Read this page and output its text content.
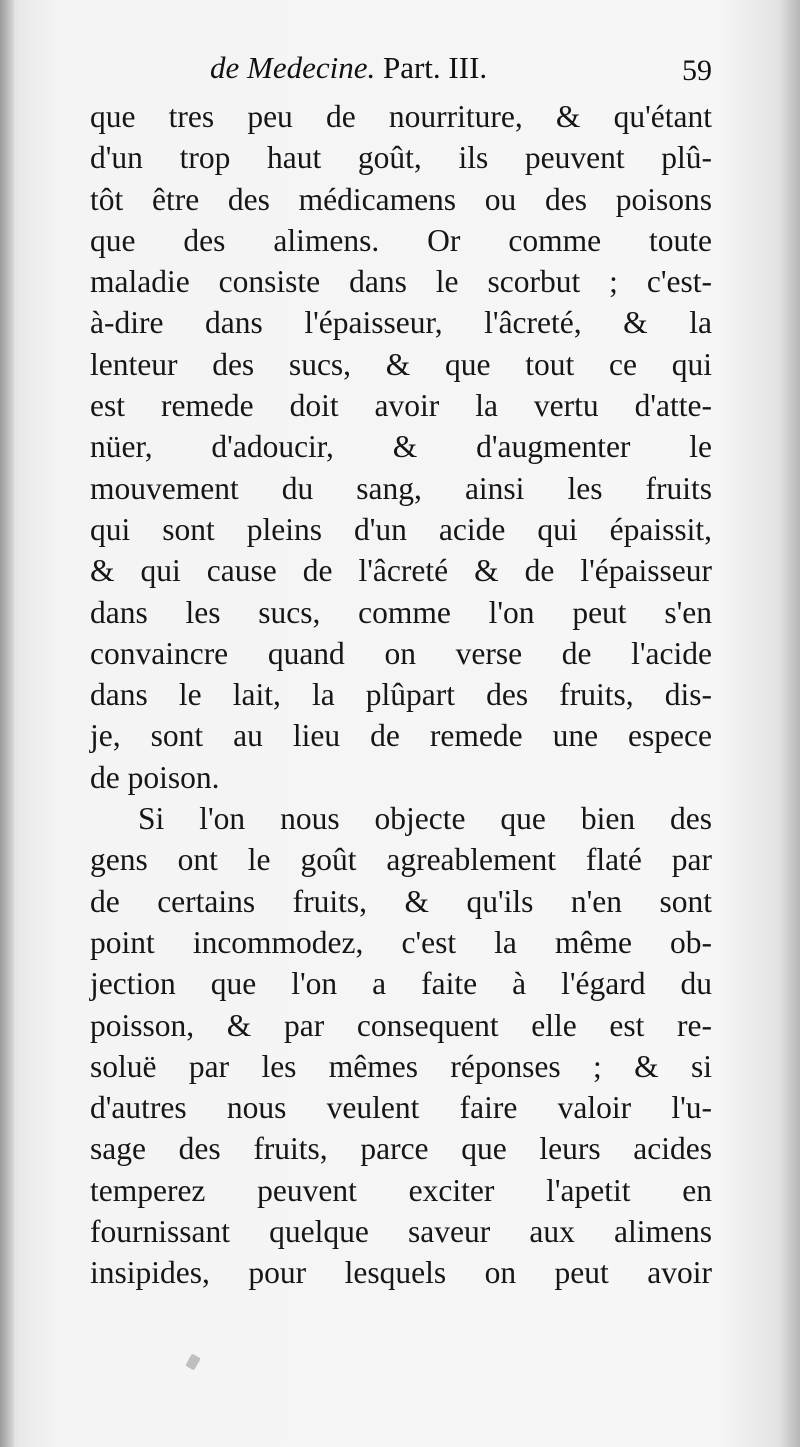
de Medecine. Part. III.	59
que tres peu de nourriture, & qu'étant
d'un trop haut goût, ils peuvent plû-
tôt être des médicamens ou des poisons
que des alimens. Or comme toute
maladie consiste dans le scorbut ; c'est-
à-dire dans l'épaisseur, l'âcreté, & la
lenteur des sucs, & que tout ce qui
est remede doit avoir la vertu d'atte-
nüer, d'adoucir, & d'augmenter le
mouvement du sang, ainsi les fruits
qui sont pleins d'un acide qui épaissit,
& qui cause de l'âcreté & de l'épaisseur
dans les sucs, comme l'on peut s'en
convaincre quand on verse de l'acide
dans le lait, la plûpart des fruits, dis-
je, sont au lieu de remede une espece
de poison.
Si l'on nous objecte que bien des
gens ont le goût agreablement flaté par
de certains fruits, & qu'ils n'en sont
point incommodez, c'est la même ob-
jection que l'on a faite à l'égard du
poisson, & par consequent elle est re-
soluë par les mêmes réponses ; & si
d'autres nous veulent faire valoir l'u-
sage des fruits, parce que leurs acides
temperez peuvent exciter l'apetit en
fournissant quelque saveur aux alimens
insipides, pour lesquels on peut avoir
